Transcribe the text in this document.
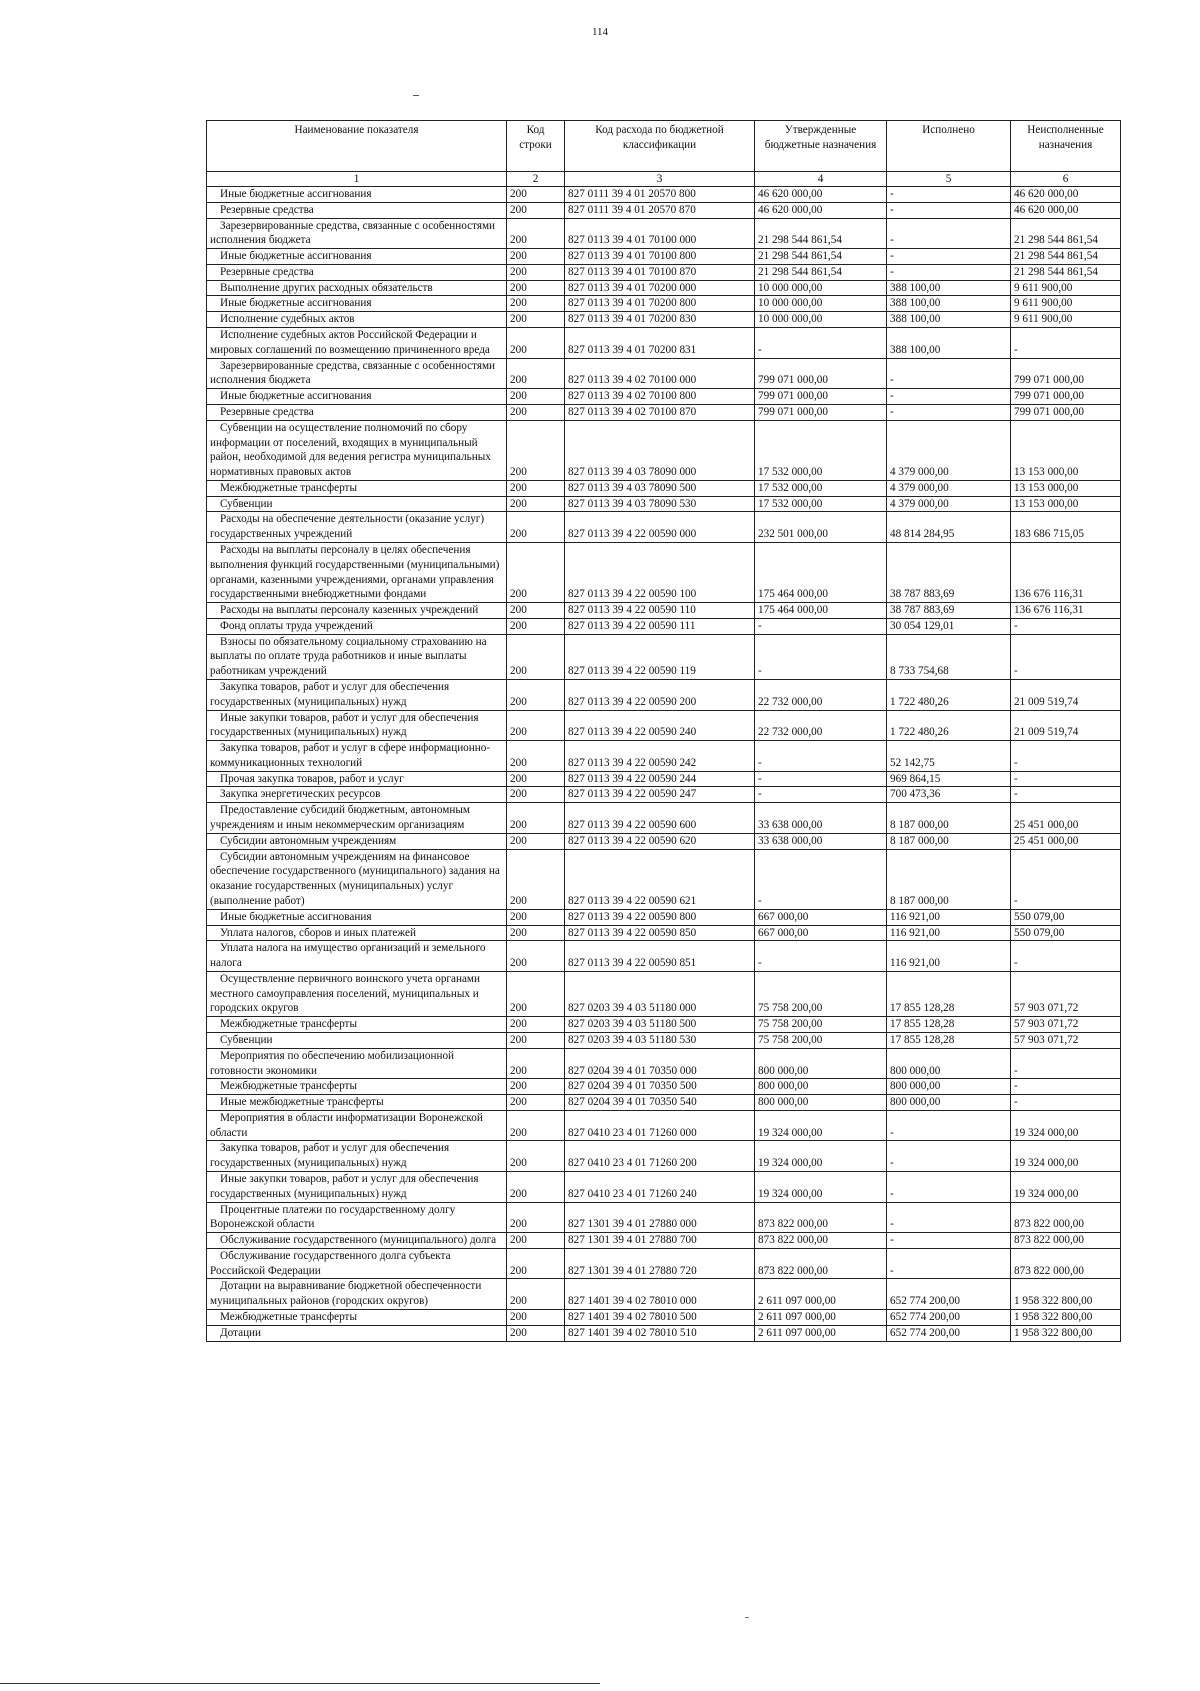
114
Наименование показателя	Код строки	Код расхода по бюджетной классификации	Утвержденные бюджетные назначения	Исполнено	Неисполненные назначения
1	2	3	4	5	6

Иные бюджетные ассигнования	200	827 0111 39 4 01 20570 800	46 620 000,00	-	46 620 000,00

Резервные средства	200	827 0111 39 4 01 20570 870	46 620 000,00	-	46 620 000,00

Зарезервированные средства, связанные с особенностями исполнения бюджета	200	827 0113 39 4 01 70100 000	21 298 544 861,54	-	21 298 544 861,54

Иные бюджетные ассигнования	200	827 0113 39 4 01 70100 800	21 298 544 861,54	-	21 298 544 861,54

Резервные средства	200	827 0113 39 4 01 70100 870	21 298 544 861,54	-	21 298 544 861,54

Выполнение других расходных обязательств	200	827 0113 39 4 01 70200 000	10 000 000,00	388 100,00	9 611 900,00

Иные бюджетные ассигнования	200	827 0113 39 4 01 70200 800	10 000 000,00	388 100,00	9 611 900,00

Исполнение судебных актов	200	827 0113 39 4 01 70200 830	10 000 000,00	388 100,00	9 611 900,00

Исполнение судебных актов Российской Федерации и мировых соглашений по возмещению причиненного вреда	200	827 0113 39 4 01 70200 831	-	388 100,00	-

Зарезервированные средства, связанные с особенностями исполнения бюджета	200	827 0113 39 4 02 70100 000	799 071 000,00	-	799 071 000,00

Иные бюджетные ассигнования	200	827 0113 39 4 02 70100 800	799 071 000,00	-	799 071 000,00

Резервные средства	200	827 0113 39 4 02 70100 870	799 071 000,00	-	799 071 000,00

Субвенции на осуществление полномочий по сбору информации от поселений, входящих в муниципальный район, необходимой для ведения регистра муниципальных нормативных правовых актов	200	827 0113 39 4 03 78090 000	17 532 000,00	4 379 000,00	13 153 000,00

Межбюджетные трансферты	200	827 0113 39 4 03 78090 500	17 532 000,00	4 379 000,00	13 153 000,00

Субвенции	200	827 0113 39 4 03 78090 530	17 532 000,00	4 379 000,00	13 153 000,00

Расходы на обеспечение деятельности (оказание услуг) государственных учреждений	200	827 0113 39 4 22 00590 000	232 501 000,00	48 814 284,95	183 686 715,05

Расходы на выплаты персоналу в целях обеспечения выполнения функций государственными (муниципальными) органами, казенными учреждениями, органами управления государственными внебюджетными фондами	200	827 0113 39 4 22 00590 100	175 464 000,00	38 787 883,69	136 676 116,31

Расходы на выплаты персоналу казенных учреждений	200	827 0113 39 4 22 00590 110	175 464 000,00	38 787 883,69	136 676 116,31

Фонд оплаты труда учреждений	200	827 0113 39 4 22 00590 111	-	30 054 129,01	-

Взносы по обязательному социальному страхованию на выплаты по оплате труда работников и иные выплаты работникам учреждений	200	827 0113 39 4 22 00590 119	-	8 733 754,68	-

Закупка товаров, работ и услуг для обеспечения государственных (муниципальных) нужд	200	827 0113 39 4 22 00590 200	22 732 000,00	1 722 480,26	21 009 519,74

Иные закупки товаров, работ и услуг для обеспечения государственных (муниципальных) нужд	200	827 0113 39 4 22 00590 240	22 732 000,00	1 722 480,26	21 009 519,74

Закупка товаров, работ и услуг в сфере информационно-коммуникационных технологий	200	827 0113 39 4 22 00590 242	-	52 142,75	-

Прочая закупка товаров, работ и услуг	200	827 0113 39 4 22 00590 244	-	969 864,15	-

Закупка энергетических ресурсов	200	827 0113 39 4 22 00590 247	-	700 473,36	-

Предоставление субсидий бюджетным, автономным учреждениям и иным некоммерческим организациям	200	827 0113 39 4 22 00590 600	33 638 000,00	8 187 000,00	25 451 000,00

Субсидии автономным учреждениям	200	827 0113 39 4 22 00590 620	33 638 000,00	8 187 000,00	25 451 000,00

Субсидии автономным учреждениям на финансовое обеспечение государственного (муниципального) задания на оказание государственных (муниципальных) услуг (выполнение работ)	200	827 0113 39 4 22 00590 621	-	8 187 000,00	-

Иные бюджетные ассигнования	200	827 0113 39 4 22 00590 800	667 000,00	116 921,00	550 079,00

Уплата налогов, сборов и иных платежей	200	827 0113 39 4 22 00590 850	667 000,00	116 921,00	550 079,00

Уплата налога на имущество организаций и земельного налога	200	827 0113 39 4 22 00590 851	-	116 921,00	-

Осуществление первичного воинского учета органами местного самоуправления поселений, муниципальных и городских округов	200	827 0203 39 4 03 51180 000	75 758 200,00	17 855 128,28	57 903 071,72

Межбюджетные трансферты	200	827 0203 39 4 03 51180 500	75 758 200,00	17 855 128,28	57 903 071,72

Субвенции	200	827 0203 39 4 03 51180 530	75 758 200,00	17 855 128,28	57 903 071,72

Мероприятия по обеспечению мобилизационной готовности экономики	200	827 0204 39 4 01 70350 000	800 000,00	800 000,00	-

Межбюджетные трансферты	200	827 0204 39 4 01 70350 500	800 000,00	800 000,00	-

Иные межбюджетные трансферты	200	827 0204 39 4 01 70350 540	800 000,00	800 000,00	-

Мероприятия в области информатизации Воронежской области	200	827 0410 23 4 01 71260 000	19 324 000,00	-	19 324 000,00

Закупка товаров, работ и услуг для обеспечения государственных (муниципальных) нужд	200	827 0410 23 4 01 71260 200	19 324 000,00	-	19 324 000,00

Иные закупки товаров, работ и услуг для обеспечения государственных (муниципальных) нужд	200	827 0410 23 4 01 71260 240	19 324 000,00	-	19 324 000,00

Процентные платежи по государственному долгу Воронежской области	200	827 1301 39 4 01 27880 000	873 822 000,00	-	873 822 000,00

Обслуживание государственного (муниципального) долга	200	827 1301 39 4 01 27880 700	873 822 000,00	-	873 822 000,00

Обслуживание государственного долга субъекта Российской Федерации	200	827 1301 39 4 01 27880 720	873 822 000,00	-	873 822 000,00

Дотации на выравнивание бюджетной обеспеченности муниципальных районов (городских округов)	200	827 1401 39 4 02 78010 000	2 611 097 000,00	652 774 200,00	1 958 322 800,00

Межбюджетные трансферты	200	827 1401 39 4 02 78010 500	2 611 097 000,00	652 774 200,00	1 958 322 800,00

Дотации	200	827 1401 39 4 02 78010 510	2 611 097 000,00	652 774 200,00	1 958 322 800,00
